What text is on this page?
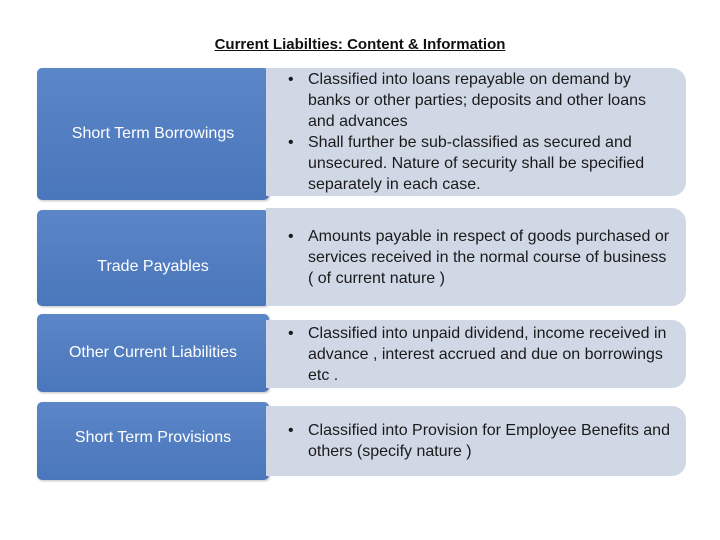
Current Liabilties: Content & Information
Short Term Borrowings
• Classified into loans repayable on demand by banks or other parties; deposits and other loans and advances
• Shall further be sub-classified as secured and unsecured. Nature of security shall be specified separately in each case.
Trade Payables
• Amounts payable in respect of goods purchased or services received in the normal course of business ( of current nature )
Other Current Liabilities
• Classified into unpaid dividend, income received in advance , interest accrued and due on borrowings etc .
Short Term Provisions	• Classified into Provision for Employee Benefits and others (specify nature )
